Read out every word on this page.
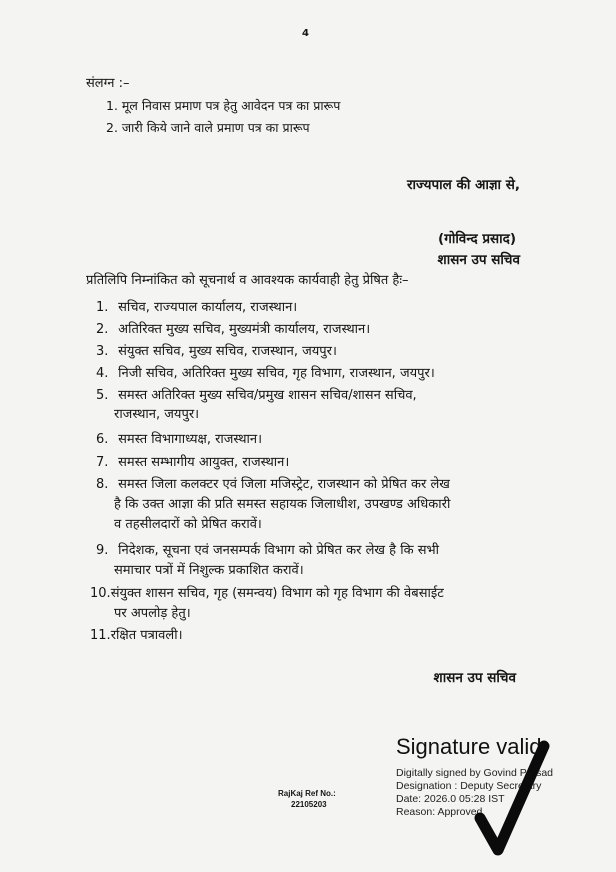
4
संलग्न :–
1. मूल निवास प्रमाण पत्र हेतु आवेदन पत्र का प्रारूप
2. जारी किये जाने वाले प्रमाण पत्र का प्रारूप
राज्यपाल की आज्ञा से,
(गोविन्द प्रसाद)
शासन उप सचिव
प्रतिलिपि निम्नांकित को सूचनार्थ व आवश्यक कार्यवाही हेतु प्रेषित हैः–
1. सचिव, राज्यपाल कार्यालय, राजस्थान।
2. अतिरिक्त मुख्य सचिव, मुख्यमंत्री कार्यालय, राजस्थान।
3. संयुक्त सचिव, मुख्य सचिव, राजस्थान, जयपुर।
4. निजी सचिव, अतिरिक्त मुख्य सचिव, गृह विभाग, राजस्थान, जयपुर।
5. समस्त अतिरिक्त मुख्य सचिव/प्रमुख शासन सचिव/शासन सचिव,
राजस्थान, जयपुर।
6. समस्त विभागाध्यक्ष, राजस्थान।
7. समस्त सम्भागीय आयुक्त, राजस्थान।
8. समस्त जिला कलक्टर एवं जिला मजिस्ट्रेट, राजस्थान को प्रेषित कर लेख
है कि उक्त आज्ञा की प्रति समस्त सहायक जिलाधीश, उपखण्ड अधिकारी
व तहसीलदारों को प्रेषित करावें।
9. निदेशक, सूचना एवं जनसम्पर्क विभाग को प्रेषित कर लेख है कि सभी
समाचार पत्रों में निशुल्क प्रकाशित करावें।
10.संयुक्त शासन सचिव, गृह (समन्वय) विभाग को गृह विभाग की वेबसाईट
पर अपलोड़ हेतु।
11.रक्षित पत्रावली।
शासन उप सचिव
RajKaj Ref No.:
22105203
Signature valid
Digitally signed by Govind Prasad
Designation : Deputy Secretary
Date: 2026.0 05:28 IST
Reason: Approved
